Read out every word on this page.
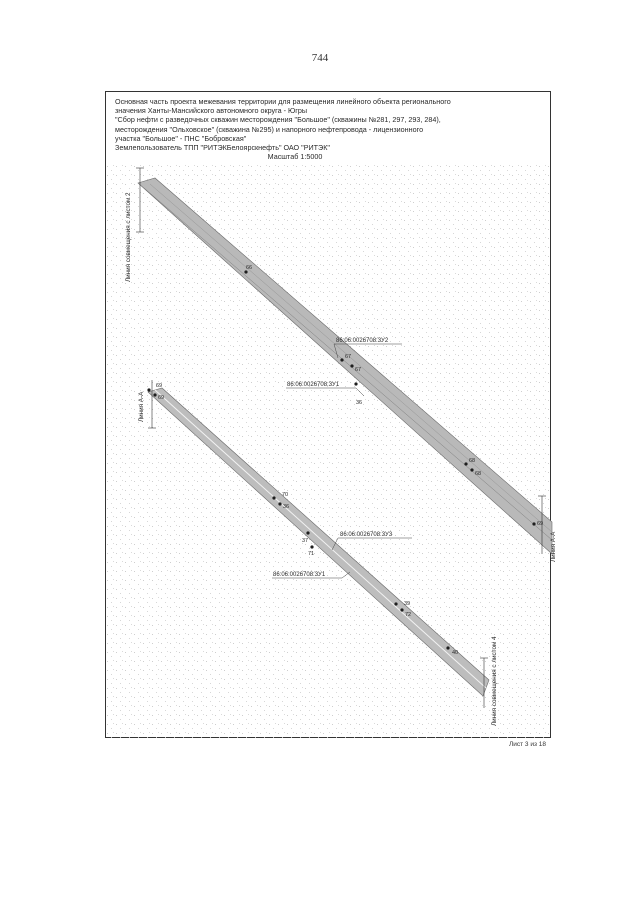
744
Основная часть проекта межевания территории для размещения линейного объекта регионального
значения Ханты-Мансийского автономного округа - Югры
"Сбор нефти с разведочных скважин месторождения "Большое" (скважины №281, 297, 293, 284),
месторождения "Ольховское" (скважина №295) и напорного нефтепровода - лицензионного
участка "Большое" - ПНС "Бобровская"
Землепользователь ТПП "РИТЭКБелоярскнефть" ОАО "РИТЭК"
Масштаб 1:5000
Линия совмещения с листом 2
Линия А-А
Линия А-А
Линия совмещения с листом 4
86:06:0026708:3У2
86:06:0026708:3У1
86:06:0026708:3У3
86:06:0026708:3У1
66
67
67
68
68
69
36
69
69
70
36
37
71
39
72
40
Лист 3 из 18
